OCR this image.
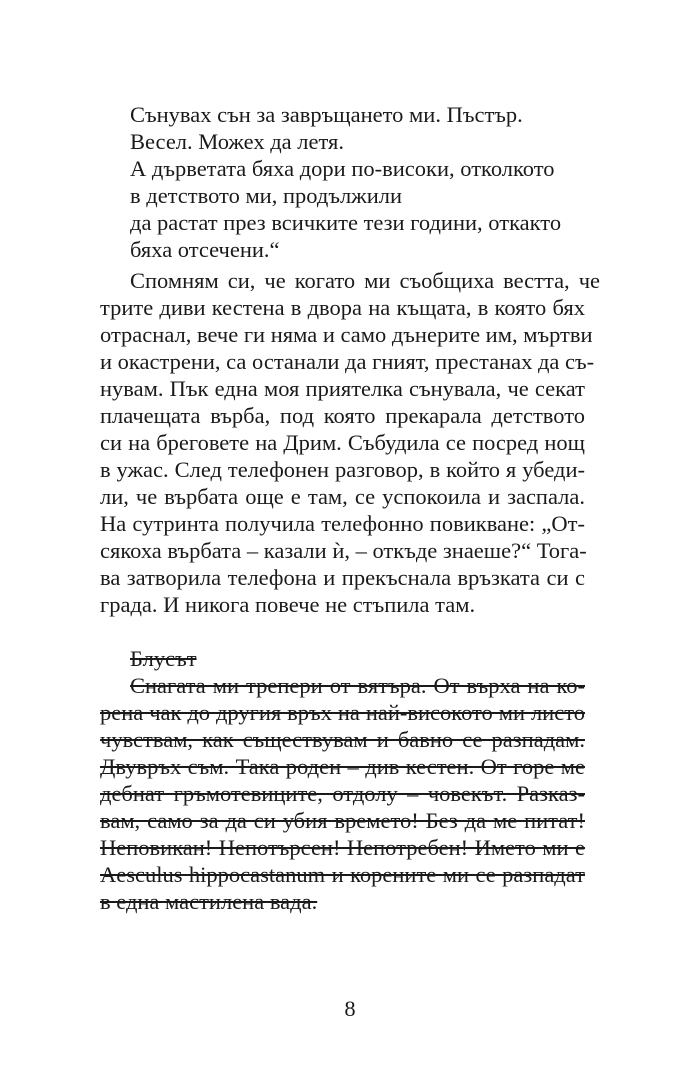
Сънувах сън за завръщането ми. Пъстър.
Весел. Можех да летя.
А дърветата бяха дори по-високи, отколкото
в детството ми, продължили
да растат през всичките тези години, откакто
бяха отсечени.“
Спомням си, че когато ми съобщиха вестта, че
трите диви кестена в двора на къщата, в която бях
отраснал, вече ги няма и само дънерите им, мъртви
и окастрени, са останали да гният, престанах да съ-
нувам. Пък една моя приятелка сънувала, че секат
плачещата върба, под която прекарала детството
си на бреговете на Дрим. Събудила се посред нощ
в ужас. След телефонен разговор, в който я убеди-
ли, че върбата още е там, се успокоила и заспала.
На сутринта получила телефонно повикване: „От-
сякоха върбата – казали ѝ, – откъде знаеше?“ Тога-
ва затворила телефона и прекъснала връзката си с
града. И никога повече не стъпила там.
Блусът
Снагата ми трепери от вятъра. От върха на ко-
рена чак до другия връх на най-високото ми листо
чувствам, как съществувам и бавно се разпадам.
Двувръх съм. Така роден – див кестен. От горе ме
дебнат гръмотевиците, отдолу – човекът. Разказ-
вам, само за да си убия времето! Без да ме питат!
Неповикан! Непотърсен! Непотребен! Името ми е
Aesculus hippocastanum и корените ми се разпадат
в една мастилена вада.
8
